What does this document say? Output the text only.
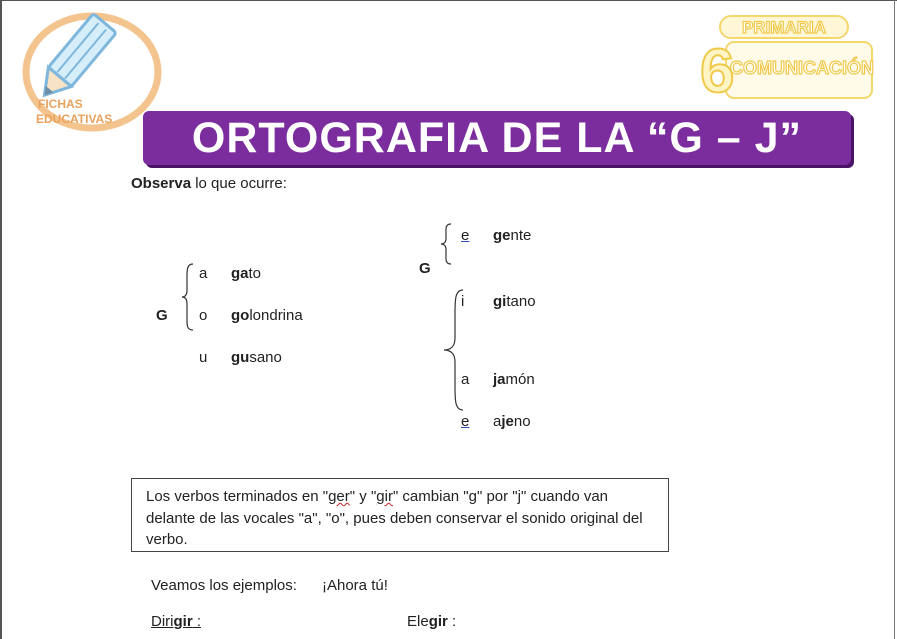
FICHAS
EDUCATIVAS
PRIMARIA
6
COMUNICACIÓN
ORTOGRAFIA DE LA “G – J”
Observa lo que ocurre:
G
a gato
o golondrina
u gusano
G
e gente
i gitano
a jamón
e ajeno
Los verbos terminados en "ger" y "gir" cambian "g" por "j" cuando van delante de las vocales "a", "o", pues deben conservar el sonido original del verbo.
Veamos los ejemplos: ¡Ahora tú!
Dirigir :	Elegir :
